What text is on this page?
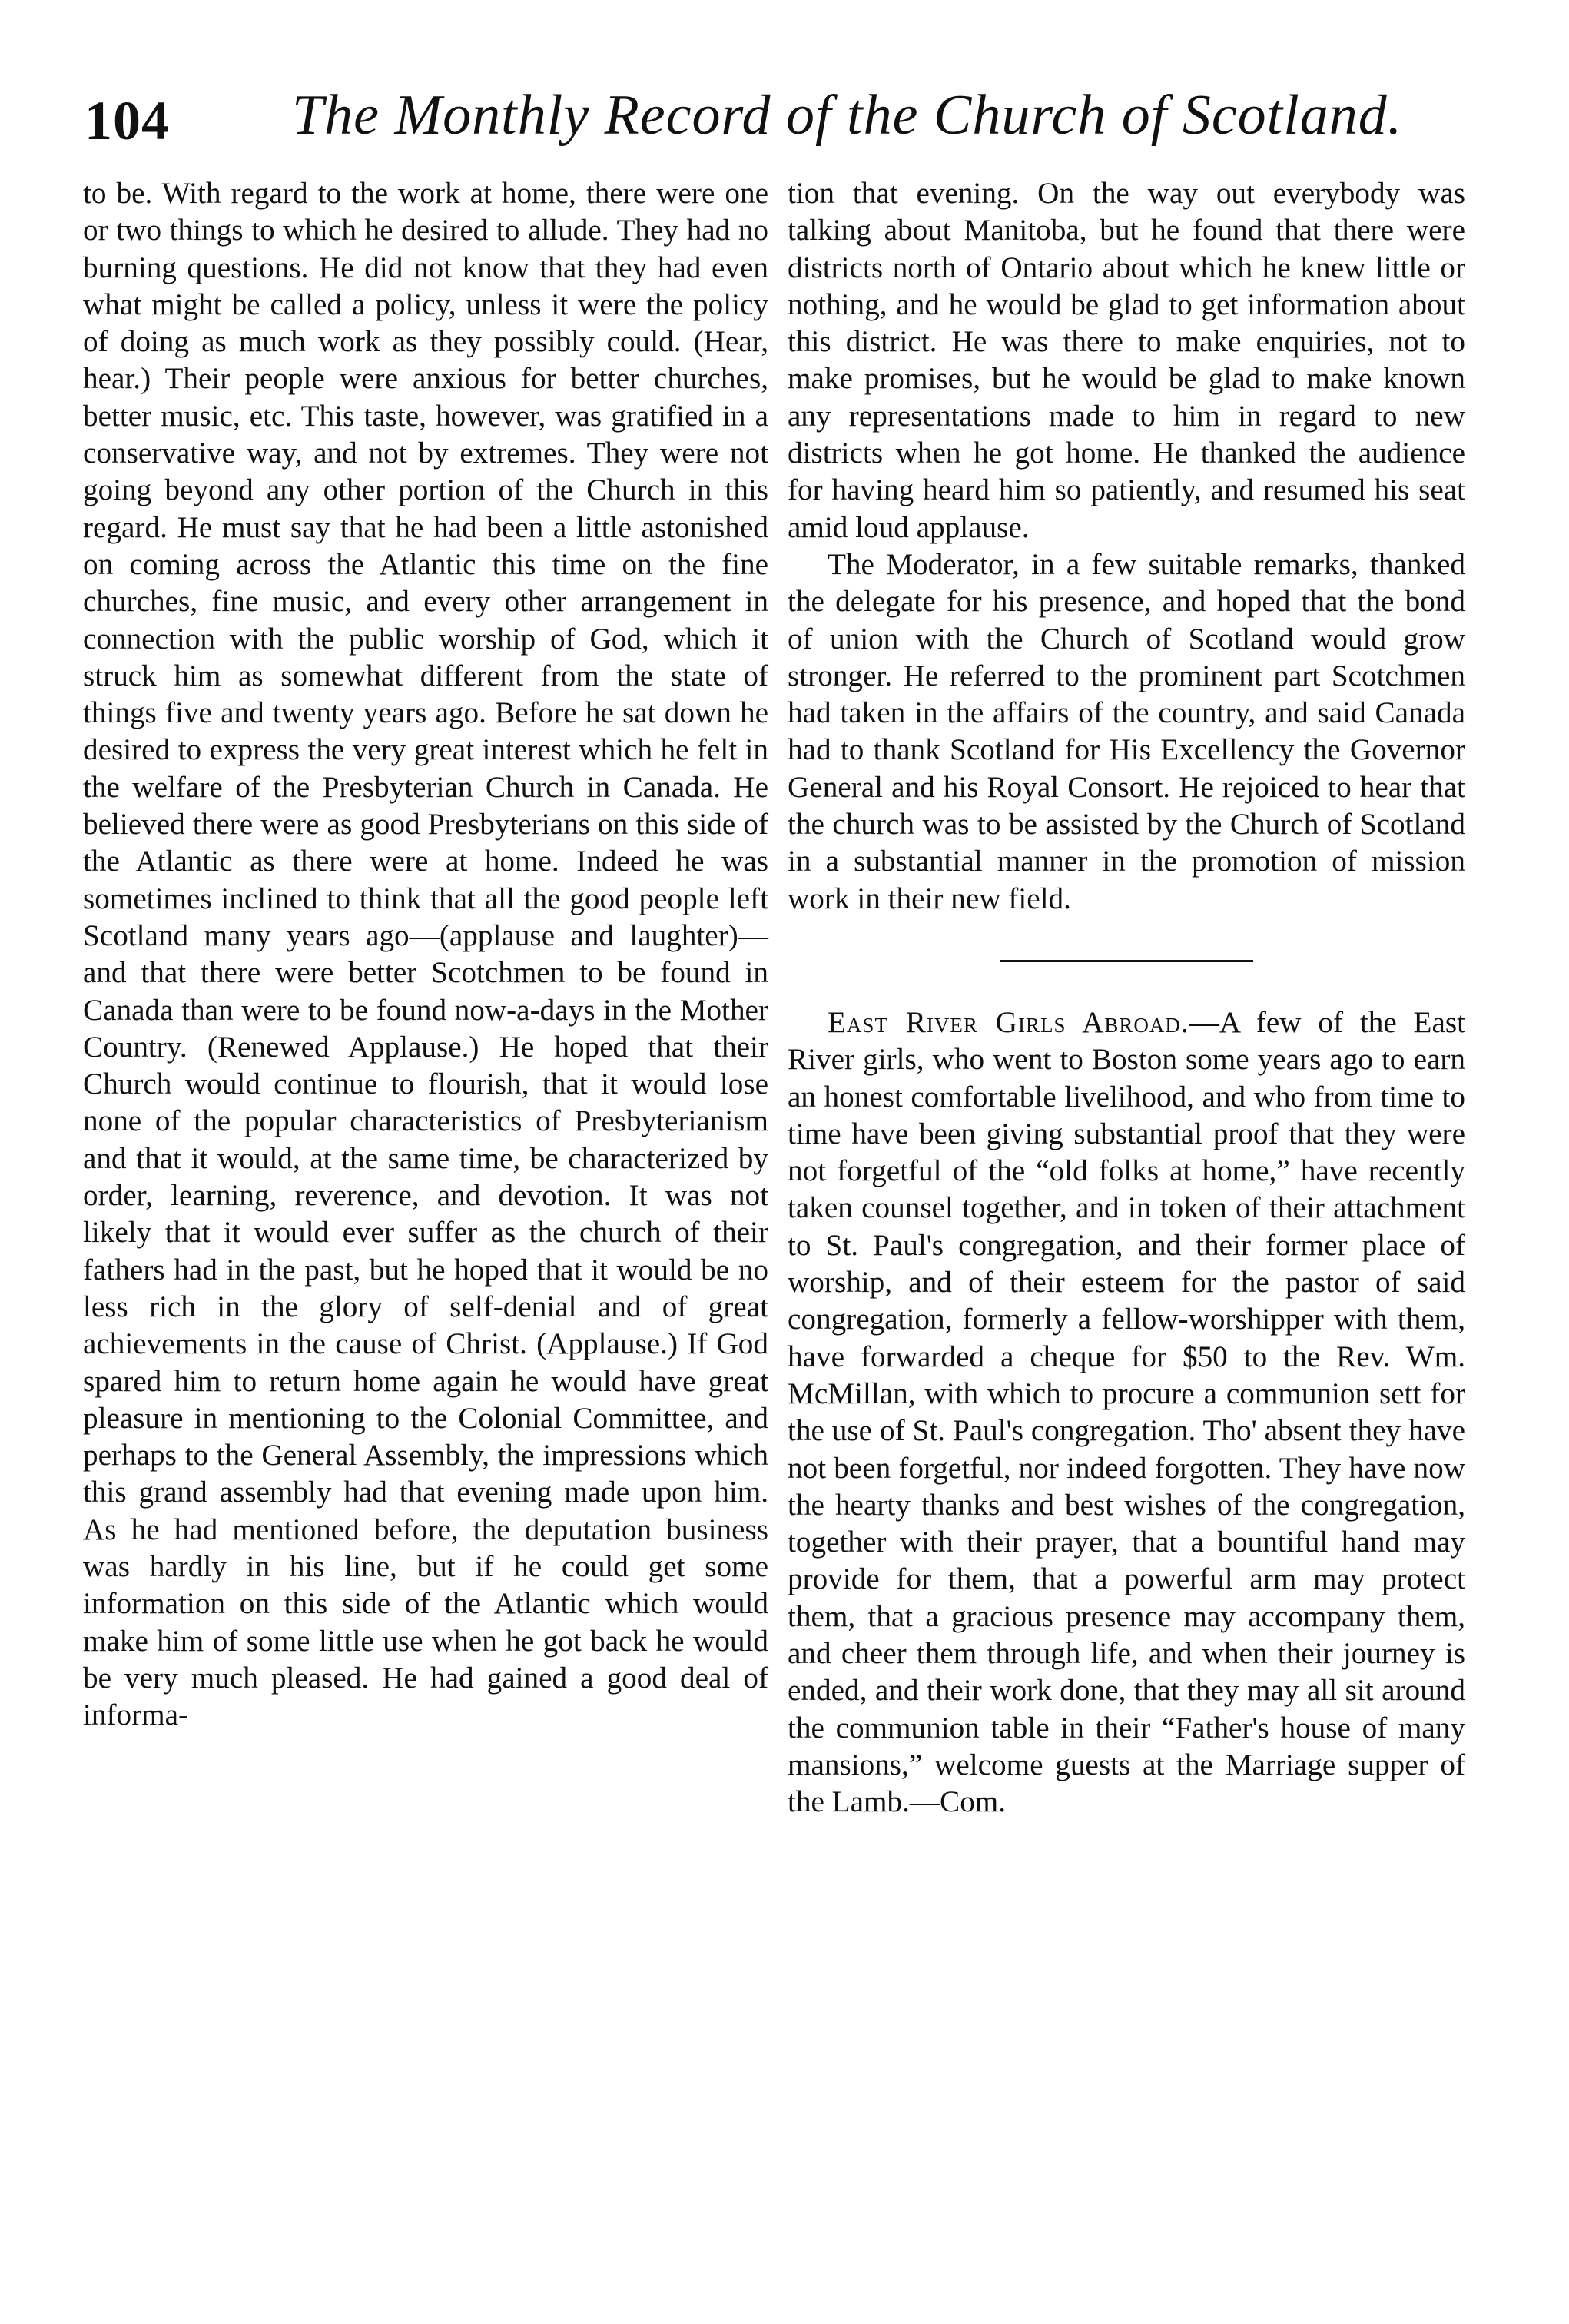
104 The Monthly Record of the Church of Scotland.

to be. With regard to the work at home, there were one or two things to which he desired to allude. They had no burning questions. He did not know that they had even what might be called a policy, unless it were the policy of doing as much work as they possibly could. (Hear, hear.) Their people were anxious for better churches, better music, etc. This taste, however, was gratified in a conservative way, and not by extremes. They were not going beyond any other portion of the Church in this regard. He must say that he had been a little astonished on coming across the Atlantic this time on the fine churches, fine music, and every other arrangement in connection with the public worship of God, which it struck him as somewhat different from the state of things five and twenty years ago. Before he sat down he desired to express the very great interest which he felt in the welfare of the Presbyterian Church in Canada. He believed there were as good Presbyterians on this side of the Atlantic as there were at home. Indeed he was sometimes inclined to think that all the good people left Scotland many years ago—(applause and laughter)—and that there were better Scotchmen to be found in Canada than were to be found now-a-days in the Mother Country. (Renewed Applause.) He hoped that their Church would continue to flourish, that it would lose none of the popular characteristics of Presbyterianism and that it would, at the same time, be characterized by order, learning, reverence, and devotion. It was not likely that it would ever suffer as the church of their fathers had in the past, but he hoped that it would be no less rich in the glory of self-denial and of great achievements in the cause of Christ. (Applause.) If God spared him to return home again he would have great pleasure in mentioning to the Colonial Committee, and perhaps to the General Assembly, the impressions which this grand assembly had that evening made upon him. As he had mentioned before, the deputation business was hardly in his line, but if he could get some information on this side of the Atlantic which would make him of some little use when he got back he would be very much pleased. He had gained a good deal of informa-

tion that evening. On the way out everybody was talking about Manitoba, but he found that there were districts north of Ontario about which he knew little or nothing, and he would be glad to get information about this district. He was there to make enquiries, not to make promises, but he would be glad to make known any representations made to him in regard to new districts when he got home. He thanked the audience for having heard him so patiently, and resumed his seat amid loud applause.

The Moderator, in a few suitable remarks, thanked the delegate for his presence, and hoped that the bond of union with the Church of Scotland would grow stronger. He referred to the prominent part Scotchmen had taken in the affairs of the country, and said Canada had to thank Scotland for His Excellency the Governor General and his Royal Consort. He rejoiced to hear that the church was to be assisted by the Church of Scotland in a substantial manner in the promotion of mission work in their new field.

East River Girls Abroad.—A few of the East River girls, who went to Boston some years ago to earn an honest comfortable livelihood, and who from time to time have been giving substantial proof that they were not forgetful of the “old folks at home,” have recently taken counsel together, and in token of their attachment to St. Paul's congregation, and their former place of worship, and of their esteem for the pastor of said congregation, formerly a fellow-worshipper with them, have forwarded a cheque for $50 to the Rev. Wm. McMillan, with which to procure a communion sett for the use of St. Paul's congregation. Tho' absent they have not been forgetful, nor indeed forgotten. They have now the hearty thanks and best wishes of the congregation, together with their prayer, that a bountiful hand may provide for them, that a powerful arm may protect them, that a gracious presence may accompany them, and cheer them through life, and when their journey is ended, and their work done, that they may all sit around the communion table in their “Father's house of many mansions,” welcome guests at the Marriage supper of the Lamb.—Com.
